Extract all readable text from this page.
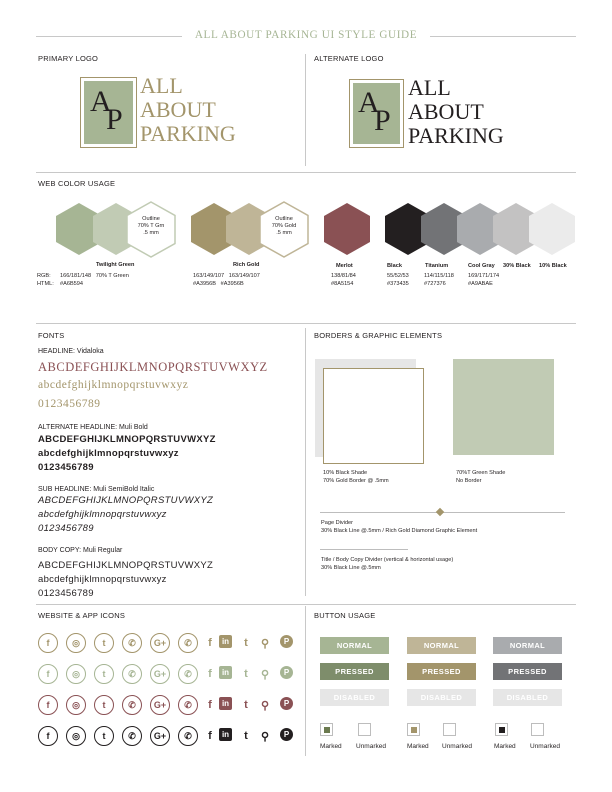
ALL ABOUT PARKING UI STYLE GUIDE
PRIMARY LOGO	ALTERNATE LOGO
A
P
ALL
ABOUT
PARKING
A
P
ALL
ABOUT
PARKING
WEB COLOR USAGE
Outline
70% T Grn
.5 mm
Outline
70% Gold
.5 mm
Twilight Green
RGB:
HTML:
166/181/148   70% T Green
#A6B594
Rich Gold
163/149/107   163/149/107
#A3956B   #A3956B
Merlot
138/81/84
#8A5154
Black
55/52/53
#373435
Titanium
114/115/118
#727376
Cool Gray
169/171/174
#A9ABAE
30% Black 10% Black
FONTS
HEADLINE: Vidaloka
ABCDEFGHIJKLMNOPQRSTUVWXYZ
abcdefghijklmnopqrstuvwxyz
0123456789
ALTERNATE HEADLINE: Muli Bold
ABCDEFGHIJKLMNOPQRSTUVWXYZ
abcdefghijklmnopqrstuvwxyz
0123456789
SUB HEADLINE: Muli SemiBold Italic
ABCDEFGHIJKLMNOPQRSTUVWXYZ
abcdefghijklmnopqrstuvwxyz
0123456789
BODY COPY: Muli Regular
ABCDEFGHIJKLMNOPQRSTUVWXYZ
abcdefghijklmnopqrstuvwxyz
0123456789
BORDERS & GRAPHIC ELEMENTS
10% Black Shade
70% Gold Border @ .5mm
70%T Green Shade
No Border
Page Divider
30% Black Line @.5mm / Rich Gold Diamond Graphic Element
Title / Body Copy Divider (vertical & horizontal usage)
30% Black Line @.5mm
WEBSITE & APP ICONS
f	◎	t	✆	G+	✆	f	in	t	⚲	P
f	◎	t	✆	G+	✆	f	in	t	⚲	P
f	◎	t	✆	G+	✆	f	in	t	⚲	P
f	◎	t	✆	G+	✆	f	in	t	⚲	P
BUTTON USAGE
NORMAL	NORMAL	NORMAL
PRESSED	PRESSED	PRESSED
DISABLED	DISABLED	DISABLED
Marked Unmarked	Marked Unmarked	Marked Unmarked
